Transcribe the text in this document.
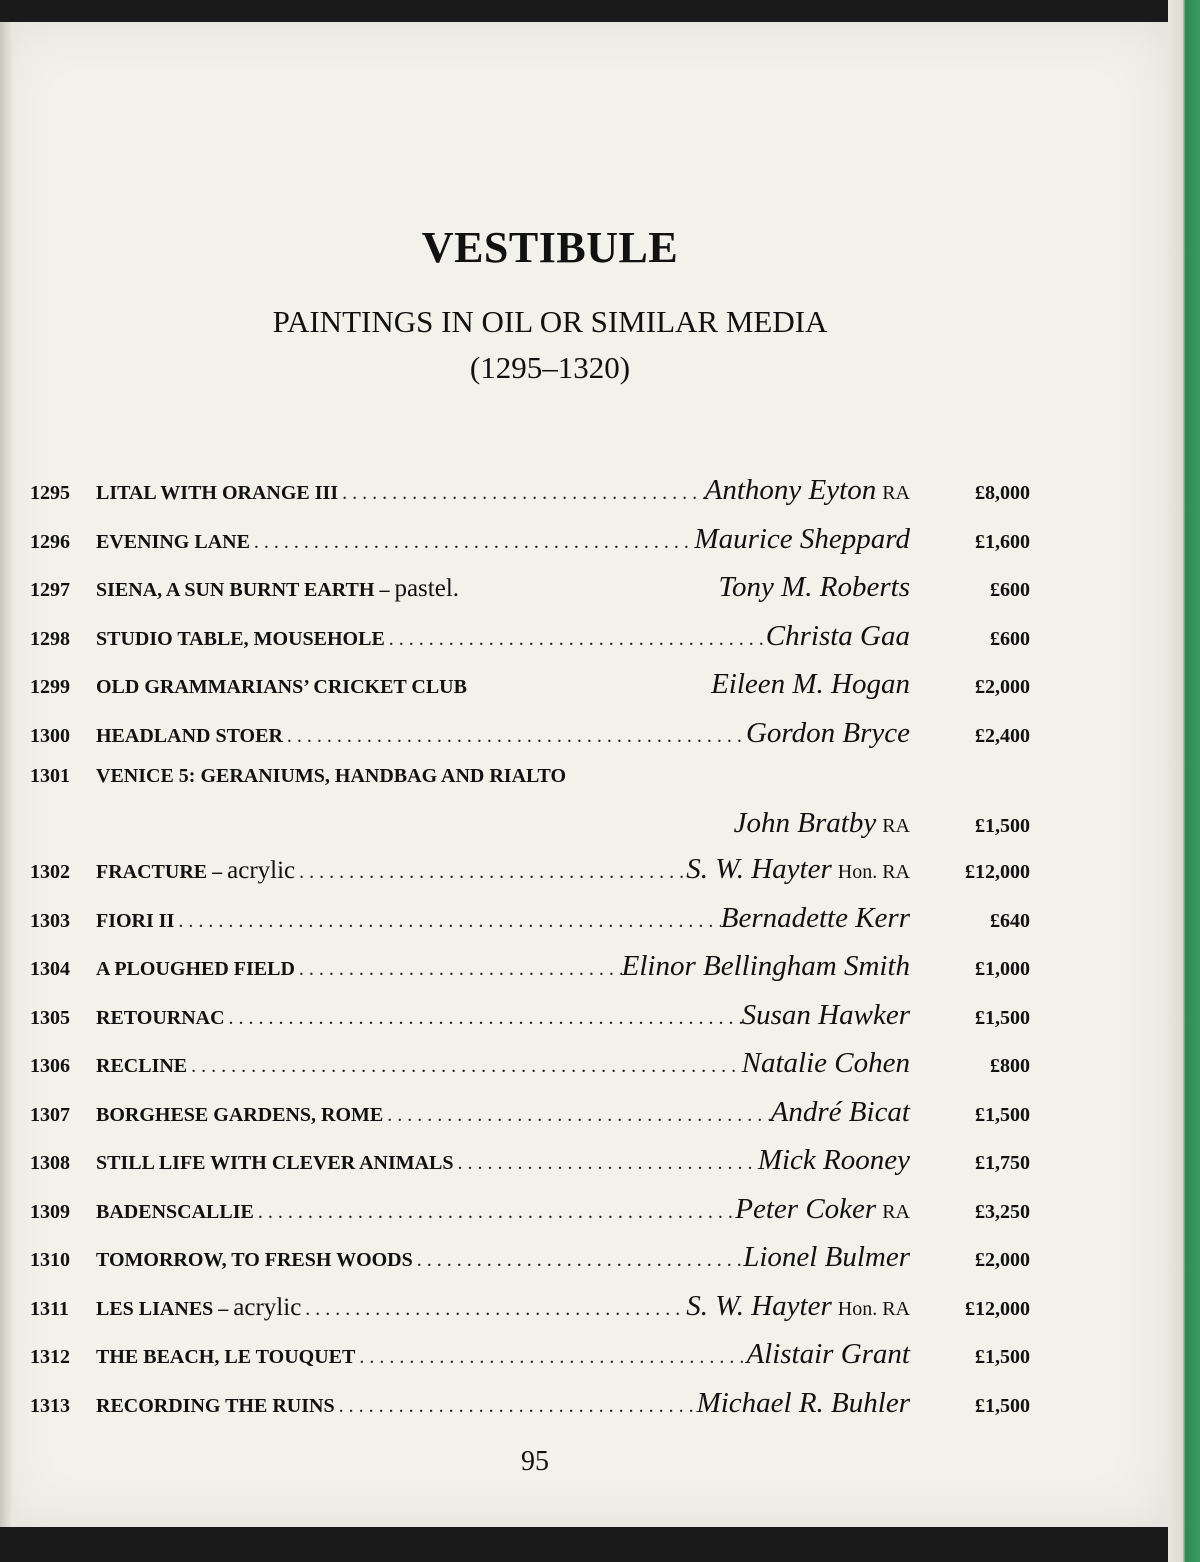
VESTIBULE
PAINTINGS IN OIL OR SIMILAR MEDIA
(1295–1320)
1295	LITAL WITH ORANGE III . . .	Anthony Eyton RA	£8,000
1296	EVENING LANE . . .	Maurice Sheppard	£1,600
1297	SIENA, A SUN BURNT EARTH – pastel.	Tony M. Roberts	£600
1298	STUDIO TABLE, MOUSEHOLE . . .	Christa Gaa	£600
1299	OLD GRAMMARIANS’ CRICKET CLUB	Eileen M. Hogan	£2,000
1300	HEADLAND STOER . . .	Gordon Bryce	£2,400
1301	VENICE 5: GERANIUMS, HANDBAG AND RIALTO
John Bratby RA	£1,500
1302	FRACTURE – acrylic . . .	S. W. Hayter Hon. RA	£12,000
1303	FIORI II . . .	Bernadette Kerr	£640
1304	A PLOUGHED FIELD . . .	Elinor Bellingham Smith	£1,000
1305	RETOURNAC . . .	Susan Hawker	£1,500
1306	RECLINE . . .	Natalie Cohen	£800
1307	BORGHESE GARDENS, ROME . . .	André Bicat	£1,500
1308	STILL LIFE WITH CLEVER ANIMALS . . .	Mick Rooney	£1,750
1309	BADENSCALLIE . . .	Peter Coker RA	£3,250
1310	TOMORROW, TO FRESH WOODS . . .	Lionel Bulmer	£2,000
1311	LES LIANES – acrylic . . .	S. W. Hayter Hon. RA	£12,000
1312	THE BEACH, LE TOUQUET . . .	Alistair Grant	£1,500
1313	RECORDING THE RUINS . . .	Michael R. Buhler	£1,500
95
